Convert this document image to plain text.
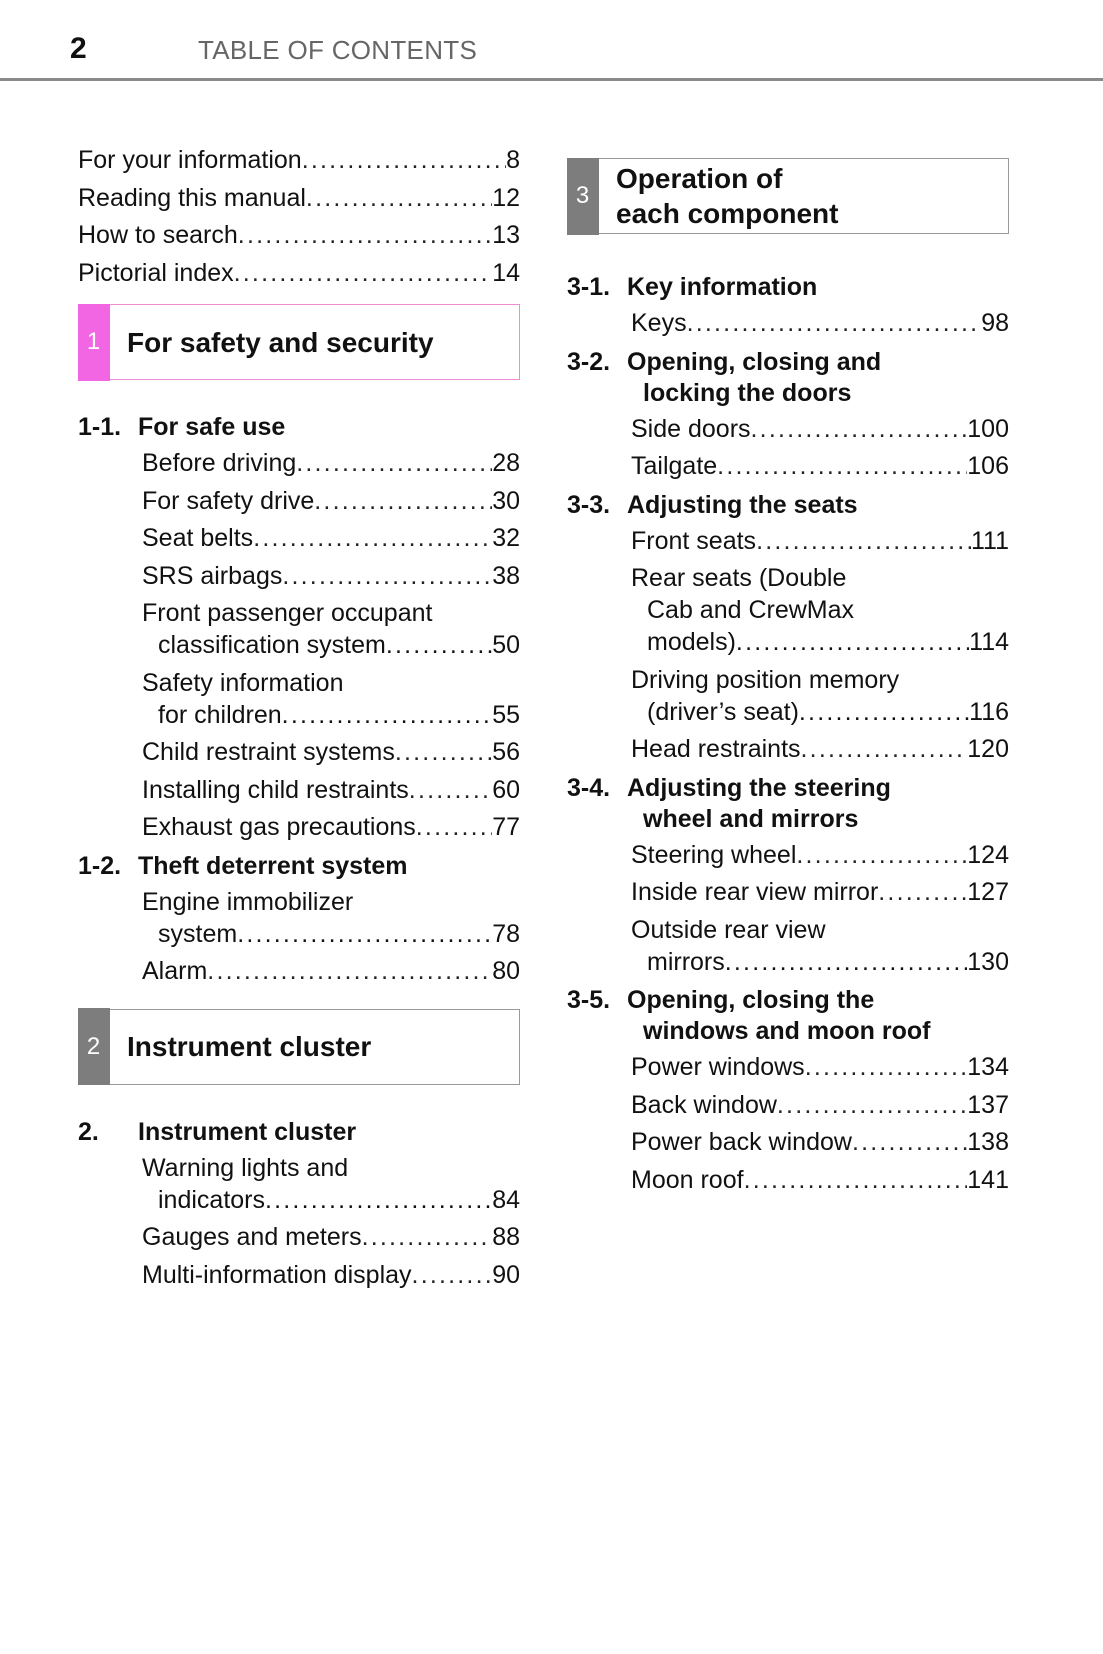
2	TABLE OF CONTENTS
For your information .....	8
Reading this manual .....	12
How to search .....	13
Pictorial index .....	14
1 For safety and security
1-1. For safe use
Before driving .....	28
For safety drive .....	30
Seat belts .....	32
SRS airbags .....	38
Front passenger occupant
classification system .....	50
Safety information
for children .....	55
Child restraint systems .....	56
Installing child restraints .....	60
Exhaust gas precautions .....	77
1-2. Theft deterrent system
Engine immobilizer
system .....	78
Alarm .....	80
2 Instrument cluster
2.	Instrument cluster
Warning lights and
indicators .....	84
Gauges and meters .....	88
Multi-information display .....	90
3
Operation of
each component
3-1. Key information
Keys .....	98
3-2. Opening, closing and
locking the doors
Side doors .....	100
Tailgate .....	106
3-3. Adjusting the seats
Front seats .....	111
Rear seats (Double
Cab and CrewMax
models) .....	114
Driving position memory
(driver’s seat) .....	116
Head restraints .....	120
3-4. Adjusting the steering
wheel and mirrors
Steering wheel .....	124
Inside rear view mirror .....	127
Outside rear view
mirrors .....	130
3-5. Opening, closing the
windows and moon roof
Power windows .....	134
Back window .....	137
Power back window .....	138
Moon roof .....	141
